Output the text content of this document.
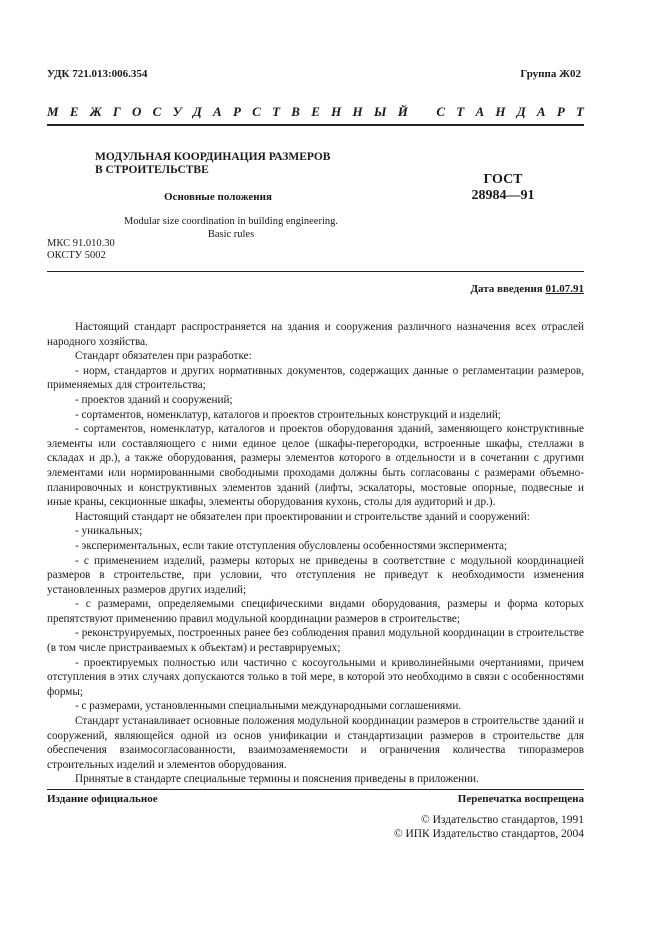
УДК 721.013:006.354	Группа Ж02
М Е Ж Г О С У Д А Р С Т В Е Н Н Ы Й С Т А Н Д А Р Т
МОДУЛЬНАЯ КООРДИНАЦИЯ РАЗМЕРОВ
В СТРОИТЕЛЬСТВЕ
ГОСТ
28984—91
Основные положения
Modular size coordination in building engineering.
Basic rules
МКС 91.010.30
ОКСТУ 5002
Дата введения 01.07.91

Настоящий стандарт распространяется на здания и сооружения различного назначения всех отраслей народного хозяйства.

Стандарт обязателен при разработке:

- норм, стандартов и других нормативных документов, содержащих данные о регламентации размеров, применяемых для строительства;

- проектов зданий и сооружений;

- сортаментов, номенклатур, каталогов и проектов строительных конструкций и изделий;

- сортаментов, номенклатур, каталогов и проектов оборудования зданий, заменяющего конструктивные элементы или составляющего с ними единое целое (шкафы-перегородки, встроенные шкафы, стеллажи в складах и др.), а также оборудования, размеры элементов которого в отдельности и в сочетании с другими элементами или нормированными свободными проходами должны быть согласованы с размерами объемно-планировочных и конструктивных элементов зданий (лифты, эскалаторы, мостовые опорные, подвесные и иные краны, секционные шкафы, элементы оборудования кухонь, столы для аудиторий и др.).

Настоящий стандарт не обязателен при проектировании и строительстве зданий и сооружений:

- уникальных;

- экспериментальных, если такие отступления обусловлены особенностями эксперимента;

- с применением изделий, размеры которых не приведены в соответствие с модульной координацией размеров в строительстве, при условии, что отступления не приведут к необходимости изменения установленных размеров других изделий;

- с размерами, определяемыми специфическими видами оборудования, размеры и форма которых препятствуют применению правил модульной координации размеров в строительстве;

- реконструируемых, построенных ранее без соблюдения правил модульной координации в строительстве (в том числе пристраиваемых к объектам) и реставрируемых;

- проектируемых полностью или частично с косоугольными и криволинейными очертаниями, причем отступления в этих случаях допускаются только в той мере, в которой это необходимо в связи с особенностями формы;

- с размерами, установленными специальными международными соглашениями.

Стандарт устанавливает основные положения модульной координации размеров в строительстве зданий и сооружений, являющейся одной из основ унификации и стандартизации размеров в строительстве для обеспечения взаимосогласованности, взаимозаменяемости и ограничения количества типоразмеров строительных изделий и элементов оборудования.

Принятые в стандарте специальные термины и пояснения приведены в приложении.

Издание официальное	Перепечатка воспрещена
© Издательство стандартов, 1991
© ИПК Издательство стандартов, 2004
